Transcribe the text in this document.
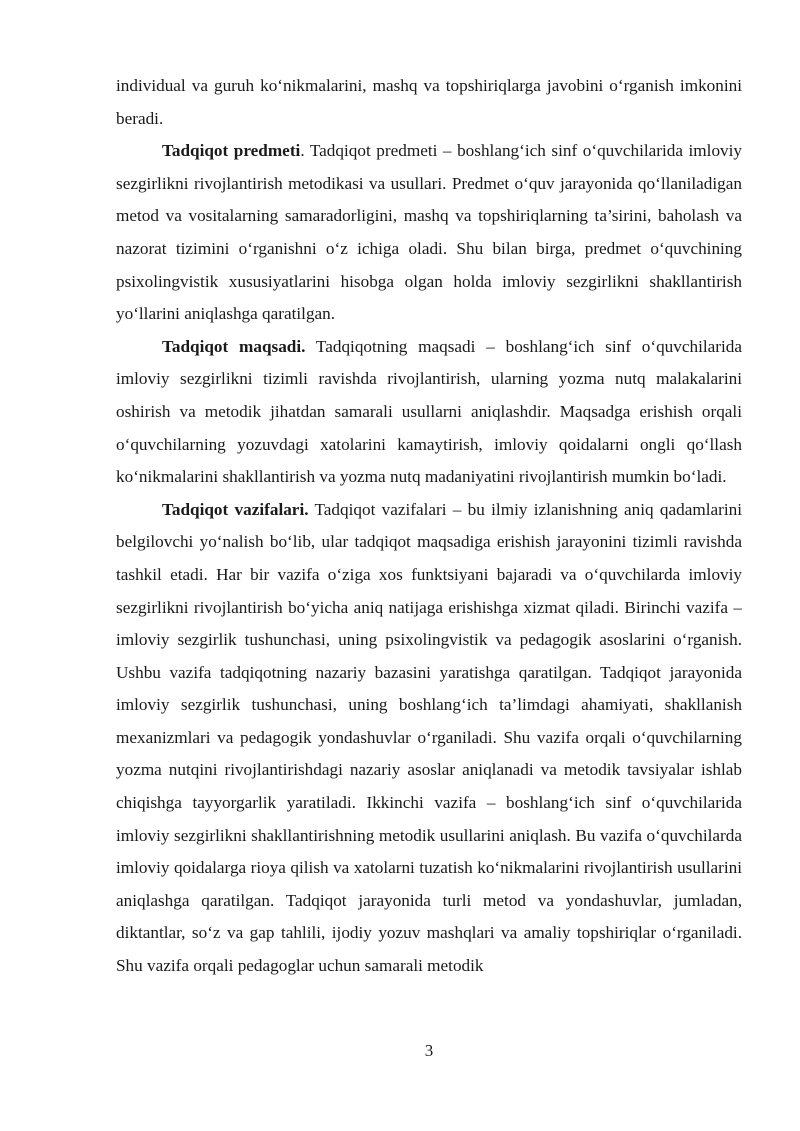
individual va guruh ko‘nikmalarini, mashq va topshiriqlarga javobini o‘rganish imkonini beradi.

Tadqiqot predmeti. Tadqiqot predmeti – boshlang‘ich sinf o‘quvchilarida imloviy sezgirlikni rivojlantirish metodikasi va usullari. Predmet o‘quv jarayonida qo‘llaniladigan metod va vositalarning samaradorligini, mashq va topshiriqlarning ta’sirini, baholash va nazorat tizimini o‘rganishni o‘z ichiga oladi. Shu bilan birga, predmet o‘quvchining psixolingvistik xususiyatlarini hisobga olgan holda imloviy sezgirlikni shakllantirish yo‘llarini aniqlashga qaratilgan.

Tadqiqot maqsadi. Tadqiqotning maqsadi – boshlang‘ich sinf o‘quvchilarida imloviy sezgirlikni tizimli ravishda rivojlantirish, ularning yozma nutq malakalarini oshirish va metodik jihatdan samarali usullarni aniqlashdir. Maqsadga erishish orqali o‘quvchilarning yozuvdagi xatolarini kamaytirish, imloviy qoidalarni ongli qo‘llash ko‘nikmalarini shakllantirish va yozma nutq madaniyatini rivojlantirish mumkin bo‘ladi.

Tadqiqot vazifalari. Tadqiqot vazifalari – bu ilmiy izlanishning aniq qadamlarini belgilovchi yo‘nalish bo‘lib, ular tadqiqot maqsadiga erishish jarayonini tizimli ravishda tashkil etadi. Har bir vazifa o‘ziga xos funktsiyani bajaradi va o‘quvchilarda imloviy sezgirlikni rivojlantirish bo‘yicha aniq natijaga erishishga xizmat qiladi. Birinchi vazifa – imloviy sezgirlik tushunchasi, uning psixolingvistik va pedagogik asoslarini o‘rganish. Ushbu vazifa tadqiqotning nazariy bazasini yaratishga qaratilgan. Tadqiqot jarayonida imloviy sezgirlik tushunchasi, uning boshlang‘ich ta’limdagi ahamiyati, shakllanish mexanizmlari va pedagogik yondashuvlar o‘rganiladi. Shu vazifa orqali o‘quvchilarning yozma nutqini rivojlantirishdagi nazariy asoslar aniqlanadi va metodik tavsiyalar ishlab chiqishga tayyorgarlik yaratiladi. Ikkinchi vazifa – boshlang‘ich sinf o‘quvchilarida imloviy sezgirlikni shakllantirishning metodik usullarini aniqlash. Bu vazifa o‘quvchilarda imloviy qoidalarga rioya qilish va xatolarni tuzatish ko‘nikmalarini rivojlantirish usullarini aniqlashga qaratilgan. Tadqiqot jarayonida turli metod va yondashuvlar, jumladan, diktantlar, so‘z va gap tahlili, ijodiy yozuv mashqlari va amaliy topshiriqlar o‘rganiladi. Shu vazifa orqali pedagoglar uchun samarali metodik

3
